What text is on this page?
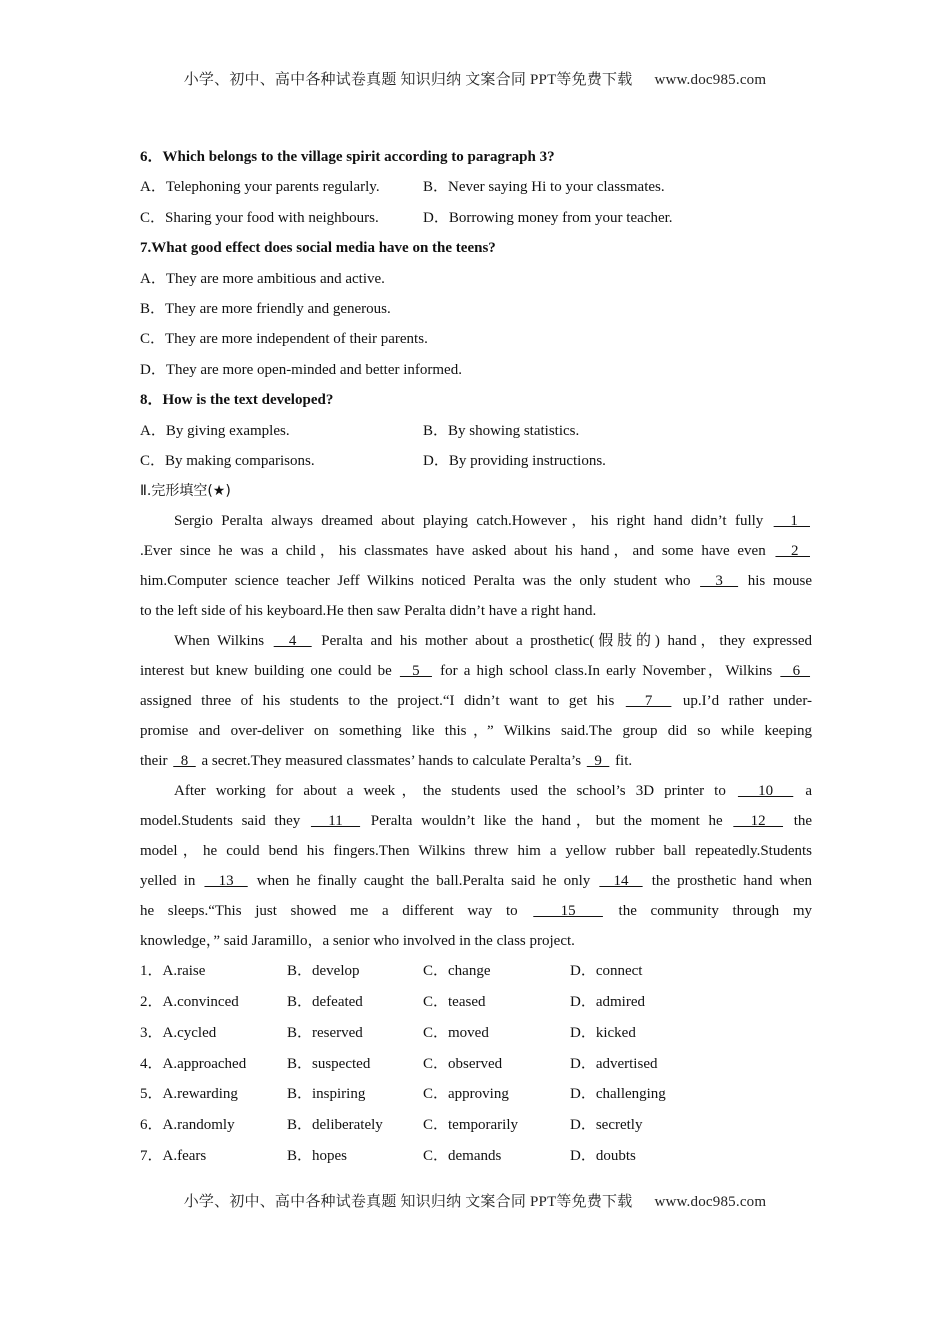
小学、初中、高中各种试卷真题 知识归纳 文案合同 PPT等免费下载 www.doc985.com
6．Which belongs to the village spirit according to paragraph 3?
A．Telephoning your parents regularly.	B．Never saying Hi to your classmates.
C．Sharing your food with neighbours.	D．Borrowing money from your teacher.
7.What good effect does social media have on the teens?
A．They are more ambitious and active.
B．They are more friendly and generous.
C．They are more independent of their parents.
D．They are more open-minded and better informed.
8．How is the text developed?
A．By giving examples.	B．By showing statistics.
C．By making comparisons.	D．By providing instructions.
Ⅱ.完形填空(★)
Sergio Peralta always dreamed about playing catch.However，his right hand didn’t fully   1
.Ever since he was a child，his classmates have asked about his hand，and some have even   2
him.Computer science teacher Jeff Wilkins noticed Peralta was the only student who   3   his mouse
to the left side of his keyboard.He then saw Peralta didn’t have a right hand.
When Wilkins   4   Peralta and his mother about a prosthetic(假肢的) hand，they expressed
interest but knew building one could be   5   for a high school class.In early November，Wilkins   6
assigned three of his students to the project.“I didn’t want to get his   7   up.I’d rather under-
promise and over-deliver on something like this，” Wilkins said.The group did so while keeping
their   8   a secret.They measured classmates’ hands to calculate Peralta’s   9   fit.
After working for about a week，the students used the school’s 3D printer to   10   a
model.Students said they   11   Peralta wouldn’t like the hand，but the moment he   12   the
model，he could bend his fingers.Then Wilkins threw him a yellow rubber ball repeatedly.Students
yelled in   13   when he finally caught the ball.Peralta said he only   14   the prosthetic hand when
he sleeps.“This just showed me a different way to   15   the community through my
knowledge，” said Jaramillo，a senior who involved in the class project.
1．A.raise	B．develop	C．change	D．connect
2．A.convinced	B．defeated	C．teased	D．admired
3．A.cycled	B．reserved	C．moved	D．kicked
4．A.approached	B．suspected	C．observed	D．advertised
5．A.rewarding	B．inspiring	C．approving	D．challenging
6．A.randomly	B．deliberately	C．temporarily	D．secretly
7．A.fears	B．hopes	C．demands	D．doubts
小学、初中、高中各种试卷真题 知识归纳 文案合同 PPT等免费下载 www.doc985.com
